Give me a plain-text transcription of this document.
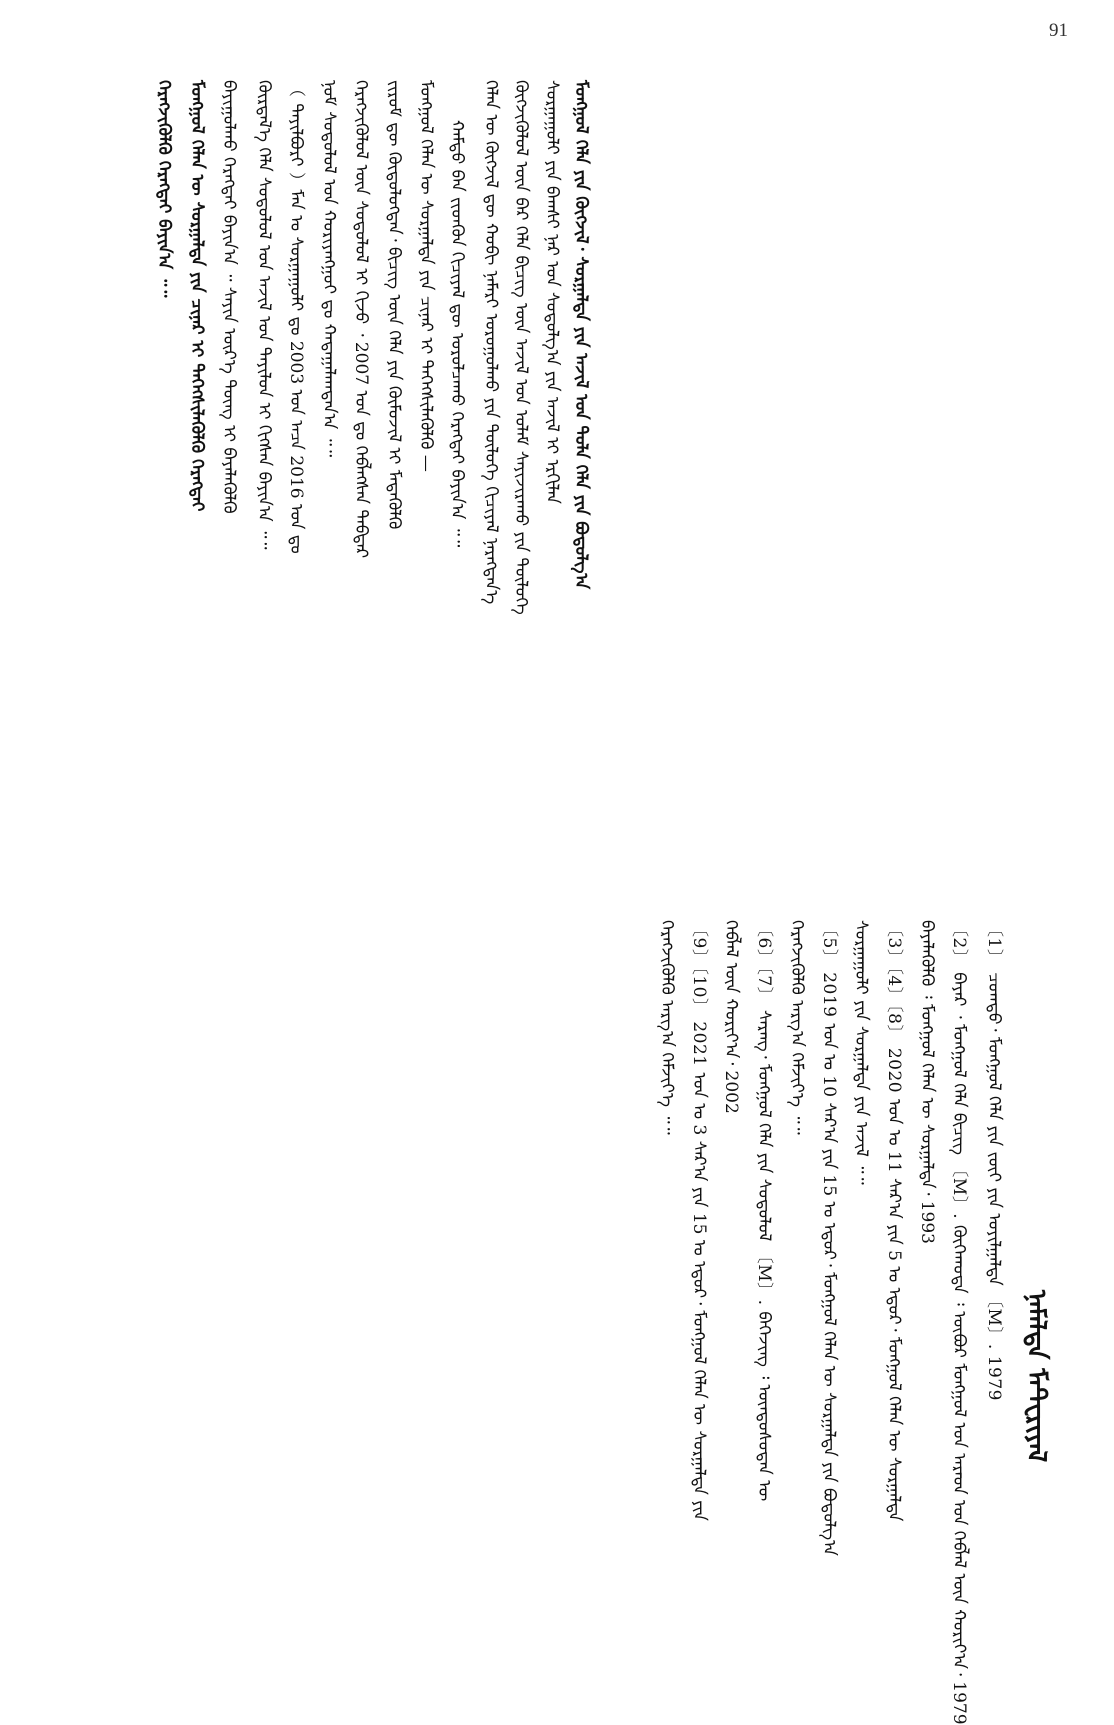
91
ᠮᠣᠩᠭᠣᠯ ᠬᠡᠯᠡ ᠶᠢᠨ ᠬᠥᠭᠵᠢᠯ᠂ ᠰᠤᠷᠭᠠᠯᠲᠠ ᠶᠢᠨ ᠠᠵᠢᠯ ᠤᠨ ᠲᠤᠯᠠ ᠬᠡᠯᠡ ᠶᠢᠨ ᠪᠣᠳᠣᠯᠭ᠎ᠠ
ᠰᠤᠷᠭᠠᠭᠤᠯᠢ ᠶᠢᠨ ᠪᠠᠭᠰᠢ ᠨᠠᠷ ᠤᠨ ᠰᠤᠳᠤᠯᠭ᠎ᠠ ᠶᠢᠨ ᠠᠵᠢᠯ ᠢ ᠡᠷᠬᠢᠯᠡᠨ
ᠬᠥᠭᠵᠢᠭᠦᠯᠦᠯ ᠦᠨ ᠪᠠᠷ ᠬᠡᠯᠡ ᠪᠢᠴᠢᠭ ᠦᠨ ᠠᠵᠢᠯ ᠤᠨ ᠤᠯᠠᠮ ᠰᠠᠶᠢᠵᠢᠷᠠᠬᠤ ᠶᠢᠨ ᠲᠥᠯᠥᠭᠡ
ᠬᠡᠯᠡᠨ ᠦ ᠬᠥᠭᠵᠢᠯ ᠳᠦ ᠬᠤᠪᠢ ᠨᠡᠮᠡᠷᠢ ᠣᠷᠤᠭᠤᠯᠬᠤ ᠶᠢᠨ ᠲᠥᠯᠥᠭᠡ ᠬᠢᠴᠢᠶᠡᠯ ᠨᠡᠷᠡᠭᠳᠡᠨ᠎ᠡ
ᠬᠠᠮᠲᠤ ᠪᠡᠨ ᠵᠢᠳᠬᠦᠨ ᠬᠢᠴᠢᠶᠡᠯ ᠳᠦ ᠣᠷᠣᠯᠴᠠᠬᠤ ᠬᠡᠷᠡᠭᠲᠡᠢ ᠪᠠᠶᠢᠨ᠎ᠠ ᠃᠃
ᠮᠣᠩᠭᠣᠯ ᠬᠡᠯᠡᠨ ᠦ ᠰᠤᠷᠭᠠᠯᠲᠠ ᠶᠢᠨ ᠴᠢᠨᠠᠷ ᠢ ᠳᠡᠭᠡᠭᠰᠢᠯᠡᠭᠦᠯᠬᠦ —
ᠵᠢᠷᠤᠮ ᠳᠦ ᠬᠥᠲᠦᠯᠦᠭᠳᠡᠨ᠂ ᠪᠢᠴᠢᠭ ᠦᠨ ᠬᠡᠯᠡ ᠶᠢᠨ ᠬᠦᠮᠦᠵᠢᠯ ᠢ ᠮᠡᠳᠡᠭᠦᠯᠬᠦ
ᠬᠡᠷᠡᠭᠵᠢᠭᠦᠯᠦᠯ ᠦᠨ ᠰᠤᠳᠤᠯᠤᠯ ᠢ ᠬᠢᠵᠦ ᠂ 2007 ᠣᠨ ᠳᠤ ᠬᠡᠪᠯᠡᠭᠰᠡᠨ ᠳᠡᠪᠲᠡᠷ
ᠨᠣᠮ ᠰᠤᠳᠤᠯᠤᠯ ᠤᠨ ᠬᠣᠷᠢᠶᠠᠩᠭᠤᠢ ᠳᠤ ᠬᠠᠳᠠᠭᠠᠯᠠᠭᠳᠠᠨ᠎ᠠ ᠃᠃
（ ᠲᠠᠶᠢᠯᠪᠤᠷᠢ ）ᠮᠠᠨ ᠤ ᠰᠤᠷᠭᠠᠭᠤᠯᠢ ᠳᠤ 2003 ᠣᠨ ᠠᠴᠠ 2016 ᠣᠨ ᠳᠤ
ᠬᠦᠷᠳᠡᠯ᠎ᠡ ᠬᠡᠯᠡ ᠰᠤᠳᠤᠯᠤᠯ ᠤᠨ ᠠᠵᠢᠯ ᠤᠨ ᠲᠠᠶᠢᠯᠤᠨ ᠢ ᠬᠢᠭᠰᠡᠨ ᠪᠠᠶᠢᠨ᠎ᠠ ᠃᠃
ᠪᠠᠶᠢᠭᠤᠯᠬᠤ ᠬᠡᠷᠡᠭᠲᠡᠢ ᠪᠠᠶᠢᠨ᠎ᠠ ᠃ ᠰᠠᠶᠢᠨ ᠦᠷ᠎ᠡ ᠳᠦᠩ ᠢ ᠪᠡᠶᠡᠯᠡᠭᠦᠯᠬᠦ
ᠮᠣᠩᠭᠣᠯ ᠬᠡᠯᠡᠨ ᠦ ᠰᠤᠷᠭᠠᠯᠲᠠ ᠶᠢᠨ ᠴᠢᠨᠠᠷ ᠢ ᠳᠡᠭᠡᠭᠰᠢᠯᠡᠭᠦᠯᠬᠦ ᠬᠡᠷᠡᠭᠲᠡᠢ
ᠬᠡᠷᠡᠭᠵᠢᠭᠦᠯᠬᠦ ᠬᠡᠷᠡᠭᠲᠡᠢ ᠪᠠᠶᠢᠨ᠎ᠠ ᠃᠃
ᠨᠡᠮᠡᠯᠲᠡ ᠮᠠᠲ᠋ᠧᠷᠢᠶᠠᠯ
〔1〕 ᠴᠣᠭᠲᠤ᠂ ᠮᠣᠩᠭᠣᠯ ᠬᠡᠯᠡ ᠶᠢᠨ ᠵᠦᠢ ᠶᠢᠨ ᠣᠶᠢᠯᠭᠠᠯᠲᠠ 〔M〕. 1979
〔2〕 ᠪᠠᠶᠠᠷ ᠂ ᠮᠣᠩᠭᠣᠯ ᠬᠡᠯᠡ ᠪᠢᠴᠢᠭ 〔M〕. ᠬᠥᠬᠡᠬᠣᠲᠠ ᠄ ᠥᠪᠥᠷ ᠮᠣᠩᠭᠣᠯ ᠤᠨ ᠠᠷᠠᠳ ᠤᠨ ᠬᠡᠪᠯᠡᠯ ᠦᠨ ᠬᠣᠷᠢᠶ᠎ᠠ᠂ 1979
ᠪᠡᠶᠡᠯᠡᠭᠦᠯᠬᠦ ᠄ ᠮᠣᠩᠭᠣᠯ ᠬᠡᠯᠡᠨ ᠦ ᠰᠤᠷᠭᠠᠯᠲᠠ᠂ 1993
〔3〕〔4〕〔8〕 2020 ᠣᠨ ᠤ 11 ᠰᠠᠷ᠎ᠠ ᠶᠢᠨ 5 ᠤ ᠡᠳᠦᠷ᠂ ᠮᠣᠩᠭᠣᠯ ᠬᠡᠯᠡᠨ ᠦ ᠰᠤᠷᠭᠠᠯᠲᠠ
ᠰᠤᠷᠭᠠᠭᠤᠯᠢ ᠶᠢᠨ ᠰᠤᠷᠭᠠᠯᠲᠠ ᠶᠢᠨ ᠠᠵᠢᠯ ᠃᠃
〔5〕 2019 ᠣᠨ ᠤ 10 ᠰᠠᠷ᠎ᠠ ᠶᠢᠨ 15 ᠤ ᠡᠳᠦᠷ᠂ ᠮᠣᠩᠭᠣᠯ ᠬᠡᠯᠡᠨ ᠦ ᠰᠤᠷᠭᠠᠯᠲᠠ ᠶᠢᠨ ᠪᠣᠳᠣᠯᠭ᠎ᠠ
ᠬᠡᠷᠡᠭᠵᠢᠭᠦᠯᠬᠦ ᠠᠷᠭ᠎ᠠ ᠬᠡᠮᠵᠢᠶ᠎ᠡ ᠃᠃
〔6〕〔7〕 ᠰᠡᠷᠡᠩ᠂ ᠮᠣᠩᠭᠣᠯ ᠬᠡᠯᠡ ᠶᠢᠨ ᠰᠤᠳᠤᠯᠤᠯ 〔M〕. ᠪᠡᠭᠡᠵᠢᠩ ᠄ ᠦᠨᠳᠦᠰᠦᠲᠡᠨ ᠦ
ᠬᠡᠪᠯᠡᠯ ᠦᠨ ᠬᠣᠷᠢᠶ᠎ᠠ᠂ 2002
〔9〕〔10〕 2021 ᠣᠨ ᠤ 3 ᠰᠠᠷ᠎ᠠ ᠶᠢᠨ 15 ᠤ ᠡᠳᠦᠷ᠂ ᠮᠣᠩᠭᠣᠯ ᠬᠡᠯᠡᠨ ᠦ ᠰᠤᠷᠭᠠᠯᠲᠠ ᠶᠢᠨ
ᠬᠡᠷᠡᠭᠵᠢᠭᠦᠯᠬᠦ ᠠᠷᠭ᠎ᠠ ᠬᠡᠮᠵᠢᠶ᠎ᠡ ᠃᠃
